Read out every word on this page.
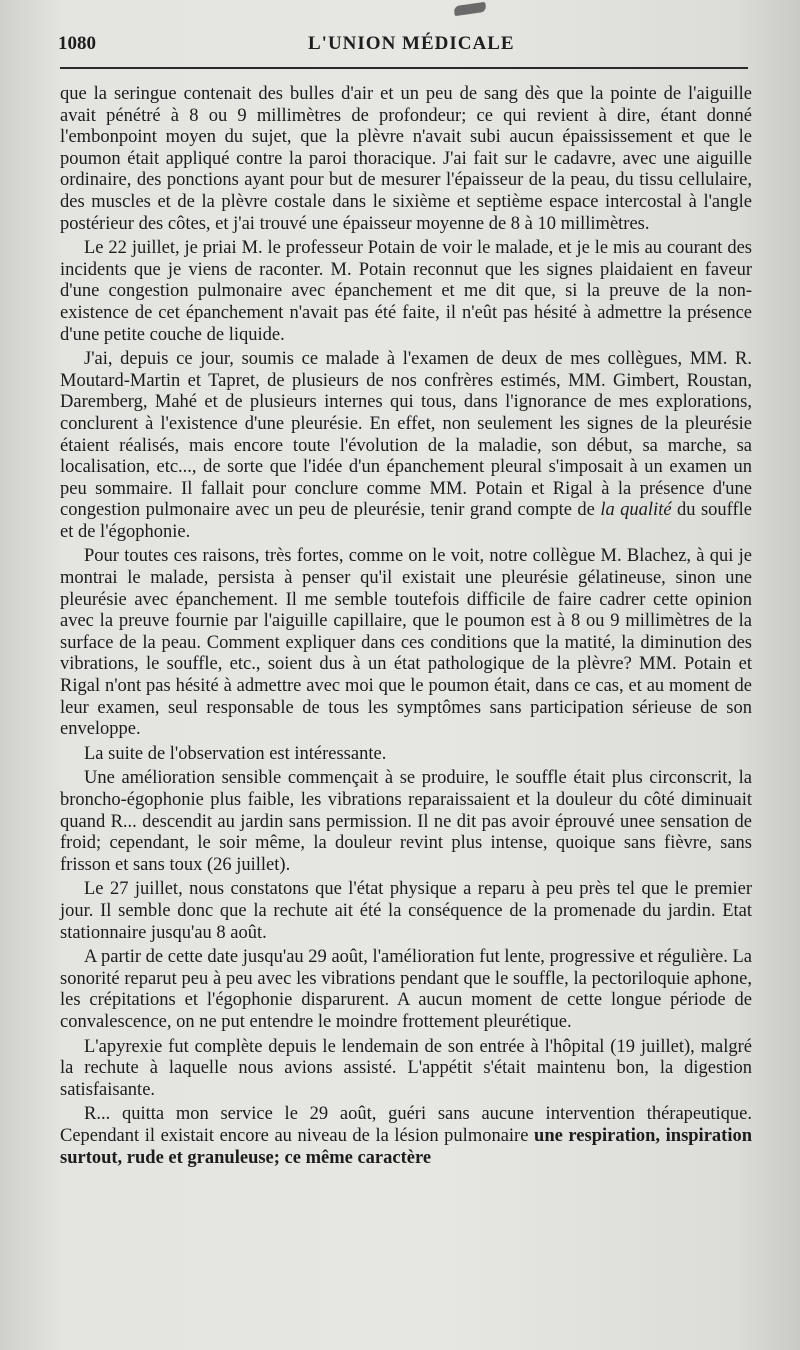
1080	L'UNION MÉDICALE

que la seringue contenait des bulles d'air et un peu de sang dès que la pointe de l'aiguille avait pénétré à 8 ou 9 millimètres de profondeur; ce qui revient à dire, étant donné l'embonpoint moyen du sujet, que la plèvre n'avait subi aucun épaississement et que le poumon était appliqué contre la paroi thoracique. J'ai fait sur le cadavre, avec une aiguille ordinaire, des ponctions ayant pour but de mesurer l'épaisseur de la peau, du tissu cellulaire, des muscles et de la plèvre costale dans le sixième et septième espace intercostal à l'angle postérieur des côtes, et j'ai trouvé une épaisseur moyenne de 8 à 10 millimètres.

Le 22 juillet, je priai M. le professeur Potain de voir le malade, et je le mis au courant des incidents que je viens de raconter. M. Potain reconnut que les signes plaidaient en faveur d'une congestion pulmonaire avec épanchement et me dit que, si la preuve de la non-existence de cet épanchement n'avait pas été faite, il n'eût pas hésité à admettre la présence d'une petite couche de liquide.

J'ai, depuis ce jour, soumis ce malade à l'examen de deux de mes collègues, MM. R. Moutard-Martin et Tapret, de plusieurs de nos confrères estimés, MM. Gimbert, Roustan, Daremberg, Mahé et de plusieurs internes qui tous, dans l'ignorance de mes explorations, conclurent à l'existence d'une pleurésie. En effet, non seulement les signes de la pleurésie étaient réalisés, mais encore toute l'évolution de la maladie, son début, sa marche, sa localisation, etc..., de sorte que l'idée d'un épanchement pleural s'imposait à un examen un peu sommaire. Il fallait pour conclure comme MM. Potain et Rigal à la présence d'une congestion pulmonaire avec un peu de pleurésie, tenir grand compte de la qualité du souffle et de l'égophonie.

Pour toutes ces raisons, très fortes, comme on le voit, notre collègue M. Blachez, à qui je montrai le malade, persista à penser qu'il existait une pleurésie gélatineuse, sinon une pleurésie avec épanchement. Il me semble toutefois difficile de faire cadrer cette opinion avec la preuve fournie par l'aiguille capillaire, que le poumon est à 8 ou 9 millimètres de la surface de la peau. Comment expliquer dans ces conditions que la matité, la diminution des vibrations, le souffle, etc., soient dus à un état pathologique de la plèvre? MM. Potain et Rigal n'ont pas hésité à admettre avec moi que le poumon était, dans ce cas, et au moment de leur examen, seul responsable de tous les symptômes sans participation sérieuse de son enveloppe.

La suite de l'observation est intéressante.

Une amélioration sensible commençait à se produire, le souffle était plus circonscrit, la broncho-égophonie plus faible, les vibrations reparaissaient et la douleur du côté diminuait quand R... descendit au jardin sans permission. Il ne dit pas avoir éprouvé unee sensation de froid; cependant, le soir même, la douleur revint plus intense, quoique sans fièvre, sans frisson et sans toux (26 juillet).

Le 27 juillet, nous constatons que l'état physique a reparu à peu près tel que le premier jour. Il semble donc que la rechute ait été la conséquence de la promenade du jardin. Etat stationnaire jusqu'au 8 août.

A partir de cette date jusqu'au 29 août, l'amélioration fut lente, progressive et régulière. La sonorité reparut peu à peu avec les vibrations pendant que le souffle, la pectoriloquie aphone, les crépitations et l'égophonie disparurent. A aucun moment de cette longue période de convalescence, on ne put entendre le moindre frottement pleurétique.

L'apyrexie fut complète depuis le lendemain de son entrée à l'hôpital (19 juillet), malgré la rechute à laquelle nous avions assisté. L'appétit s'était maintenu bon, la digestion satisfaisante.

R... quitta mon service le 29 août, guéri sans aucune intervention thérapeutique. Cependant il existait encore au niveau de la lésion pulmonaire une respiration, inspiration surtout, rude et granuleuse; ce même caractère
